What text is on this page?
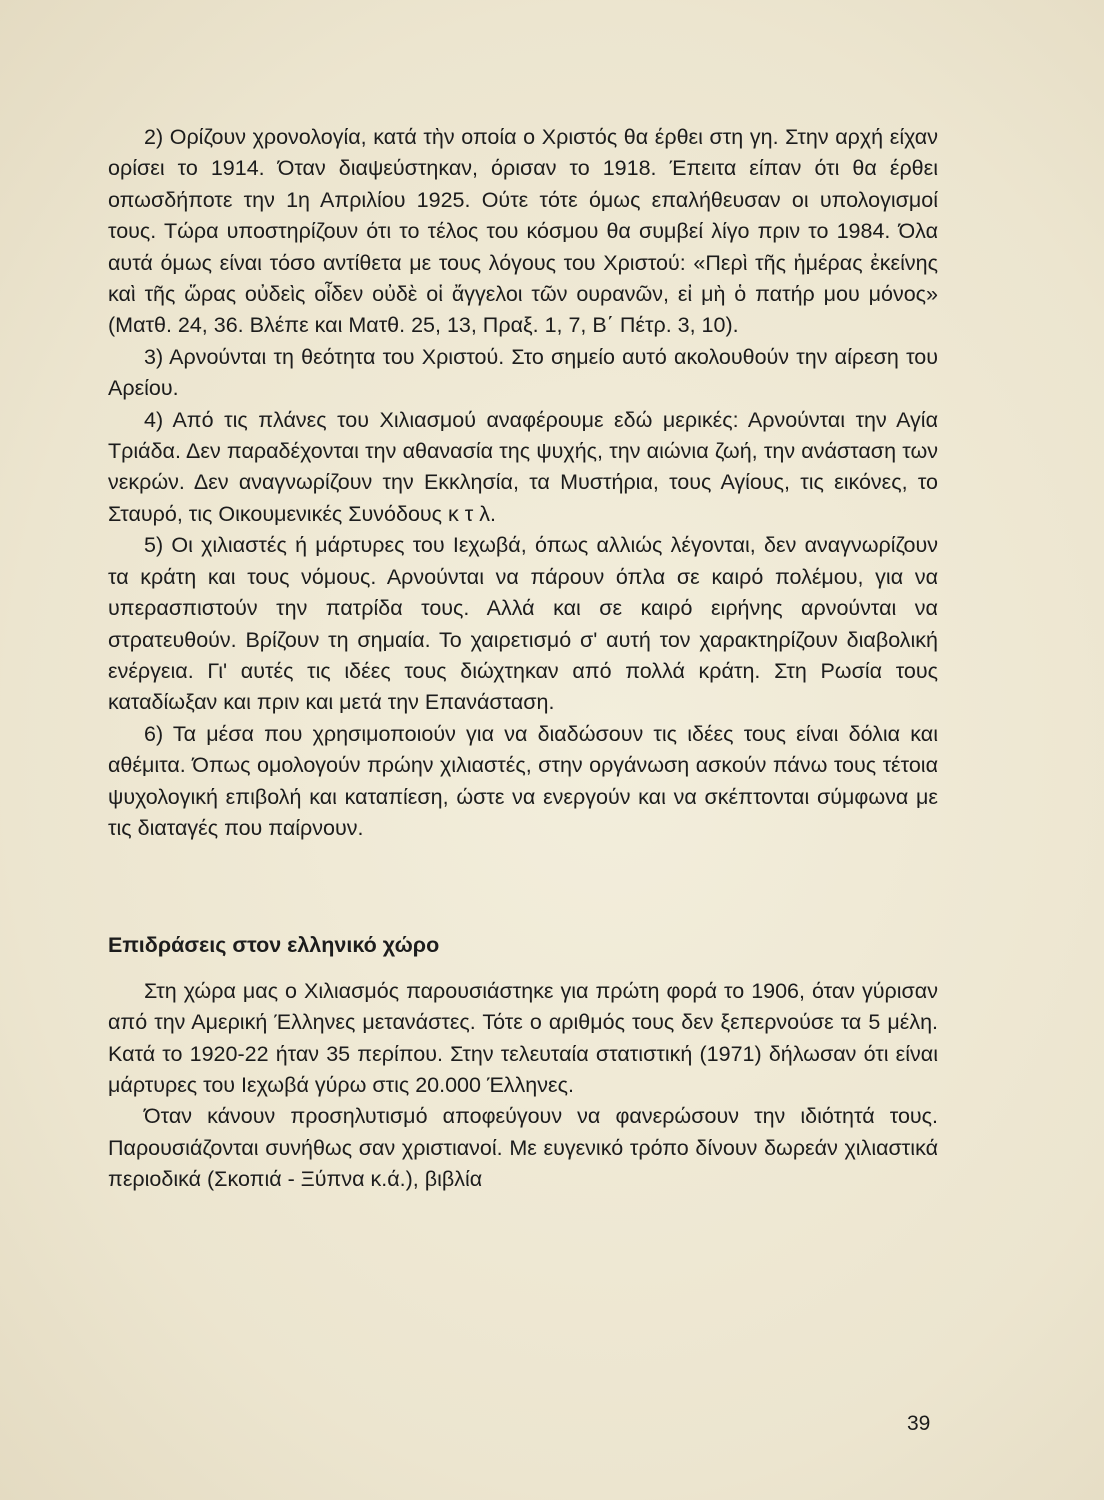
2) Ορίζουν χρονολογία, κατά τὴν οποία ο Χριστός θα έρθει στη γη. Στην αρχή είχαν ορίσει το 1914. Όταν διαψεύστηκαν, όρισαν το 1918. Έπειτα είπαν ότι θα έρθει οπωσδήποτε την 1η Απριλίου 1925. Ούτε τότε όμως επαλήθευσαν οι υπολογισμοί τους. Τώρα υποστηρίζουν ότι το τέλος του κόσμου θα συμβεί λίγο πριν το 1984. Όλα αυτά όμως είναι τόσο αντίθετα με τους λόγους του Χριστού: «Περὶ τῆς ἡμέρας ἐκείνης καὶ τῆς ὥρας οὐδεὶς οἶδεν οὐδὲ οἱ ἄγγελοι τῶν ουρανῶν, εἰ μὴ ὁ πατήρ μου μόνος» (Ματθ. 24, 36. Βλέπε και Ματθ. 25, 13, Πραξ. 1, 7, Β΄ Πέτρ. 3, 10).

3) Αρνούνται τη θεότητα του Χριστού. Στο σημείο αυτό ακολουθούν την αίρεση του Αρείου.

4) Από τις πλάνες του Χιλιασμού αναφέρουμε εδώ μερικές: Αρνούνται την Αγία Τριάδα. Δεν παραδέχονται την αθανασία της ψυχής, την αιώνια ζωή, την ανάσταση των νεκρών. Δεν αναγνωρίζουν την Εκκλησία, τα Μυστήρια, τους Αγίους, τις εικόνες, το Σταυρό, τις Οικουμενικές Συνόδους κ τ λ.

5) Οι χιλιαστές ή μάρτυρες του Ιεχωβά, όπως αλλιώς λέγονται, δεν αναγνωρίζουν τα κράτη και τους νόμους. Αρνούνται να πάρουν όπλα σε καιρό πολέμου, για να υπερασπιστούν την πατρίδα τους. Αλλά και σε καιρό ειρήνης αρνούνται να στρατευθούν. Βρίζουν τη σημαία. Το χαιρετισμό σ' αυτή τον χαρακτηρίζουν διαβολική ενέργεια. Γι' αυτές τις ιδέες τους διώχτηκαν από πολλά κράτη. Στη Ρωσία τους καταδίωξαν και πριν και μετά την Επανάσταση.

6) Τα μέσα που χρησιμοποιούν για να διαδώσουν τις ιδέες τους είναι δόλια και αθέμιτα. Όπως ομολογούν πρώην χιλιαστές, στην οργάνωση ασκούν πάνω τους τέτοια ψυχολογική επιβολή και καταπίεση, ώστε να ενεργούν και να σκέπτονται σύμφωνα με τις διαταγές που παίρνουν.

Επιδράσεις στον ελληνικό χώρο

Στη χώρα μας ο Χιλιασμός παρουσιάστηκε για πρώτη φορά το 1906, όταν γύρισαν από την Αμερική Έλληνες μετανάστες. Τότε ο αριθμός τους δεν ξεπερνούσε τα 5 μέλη. Κατά το 1920-22 ήταν 35 περίπου. Στην τελευταία στατιστική (1971) δήλωσαν ότι είναι μάρτυρες του Ιεχωβά γύρω στις 20.000 Έλληνες.

Όταν κάνουν προσηλυτισμό αποφεύγουν να φανερώσουν την ιδιότητά τους. Παρουσιάζονται συνήθως σαν χριστιανοί. Με ευγενικό τρόπο δίνουν δωρεάν χιλιαστικά περιοδικά (Σκοπιά - Ξύπνα κ.ά.), βιβλία

39
